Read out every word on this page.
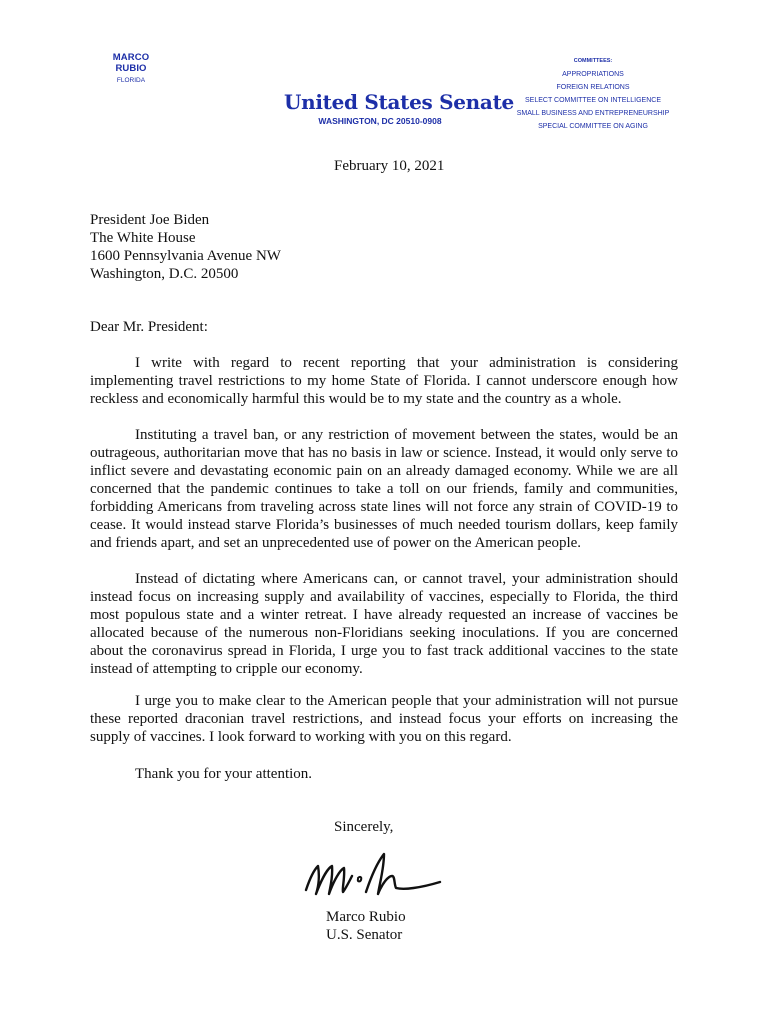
MARCO RUBIO
FLORIDA
United States Senate
WASHINGTON, DC 20510-0908
COMMITTEES:
APPROPRIATIONS
FOREIGN RELATIONS
SELECT COMMITTEE ON INTELLIGENCE
SMALL BUSINESS AND ENTREPRENEURSHIP
SPECIAL COMMITTEE ON AGING
February 10, 2021
President Joe Biden
The White House
1600 Pennsylvania Avenue NW
Washington, D.C. 20500
Dear Mr. President:

I write with regard to recent reporting that your administration is considering implementing travel restrictions to my home State of Florida. I cannot underscore enough how reckless and economically harmful this would be to my state and the country as a whole.

Instituting a travel ban, or any restriction of movement between the states, would be an outrageous, authoritarian move that has no basis in law or science. Instead, it would only serve to inflict severe and devastating economic pain on an already damaged economy. While we are all concerned that the pandemic continues to take a toll on our friends, family and communities, forbidding Americans from traveling across state lines will not force any strain of COVID-19 to cease. It would instead starve Florida’s businesses of much needed tourism dollars, keep family and friends apart, and set an unprecedented use of power on the American people.

Instead of dictating where Americans can, or cannot travel, your administration should instead focus on increasing supply and availability of vaccines, especially to Florida, the third most populous state and a winter retreat. I have already requested an increase of vaccines be allocated because of the numerous non-Floridians seeking inoculations. If you are concerned about the coronavirus spread in Florida, I urge you to fast track additional vaccines to the state instead of attempting to cripple our economy.

I urge you to make clear to the American people that your administration will not pursue these reported draconian travel restrictions, and instead focus your efforts on increasing the supply of vaccines. I look forward to working with you on this regard.

Thank you for your attention.
Sincerely,
Marco Rubio
U.S. Senator
